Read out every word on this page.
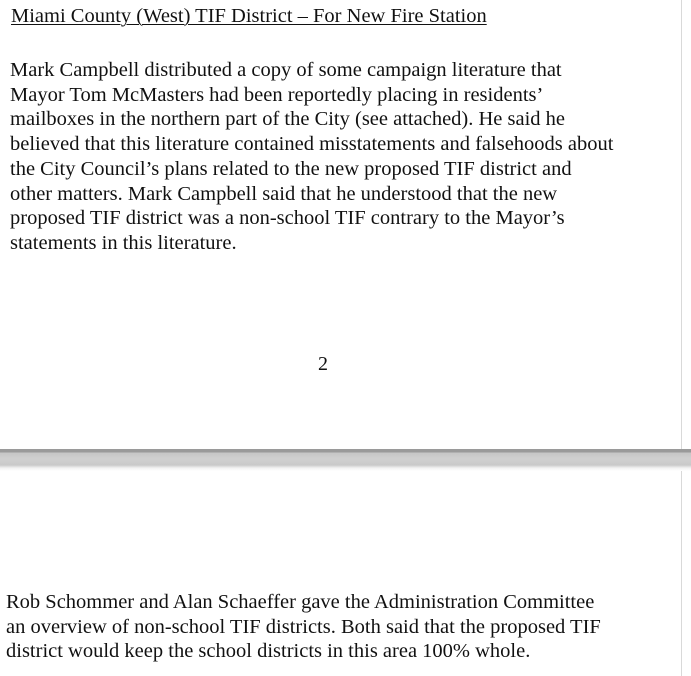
Miami County (West) TIF District – For New Fire Station

Mark Campbell distributed a copy of some campaign literature that
Mayor Tom McMasters had been reportedly placing in residents’
mailboxes in the northern part of the City (see attached). He said he
believed that this literature contained misstatements and falsehoods about
the City Council’s plans related to the new proposed TIF district and
other matters. Mark Campbell said that he understood that the new
proposed TIF district was a non-school TIF contrary to the Mayor’s
statements in this literature.

2

Rob Schommer and Alan Schaeffer gave the Administration Committee
an overview of non-school TIF districts. Both said that the proposed TIF
district would keep the school districts in this area 100% whole.
